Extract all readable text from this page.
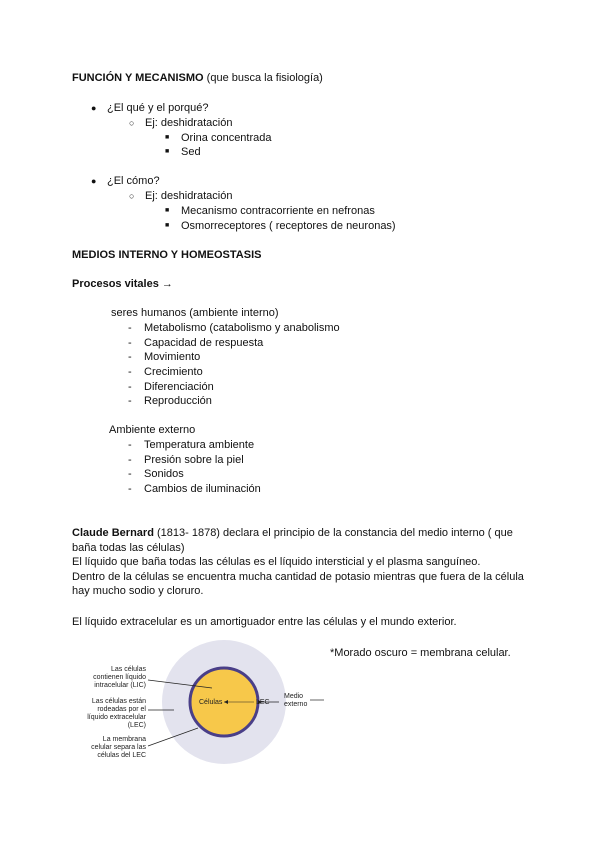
FUNCIÓN Y MECANISMO (que busca la fisiología)
● ¿El qué y el porqué?
○ Ej: deshidratación
■ Orina concentrada
■ Sed
● ¿El cómo?
○ Ej: deshidratación
■ Mecanismo contracorriente en nefronas
■ Osmorreceptores ( receptores de neuronas)
MEDIOS INTERNO Y HOMEOSTASIS
Procesos vitales →
seres humanos (ambiente interno)
- Metabolismo (catabolismo y anabolismo
- Capacidad de respuesta
- Movimiento
- Crecimiento
- Diferenciación
- Reproducción
Ambiente externo
- Temperatura ambiente
- Presión sobre la piel
- Sonidos
- Cambios de iluminación
Claude Bernard (1813- 1878) declara el principio de la constancia del medio interno ( que baña todas las células)
El líquido que baña todas las células es el líquido intersticial y el plasma sanguíneo.
Dentro de la células se encuentra mucha cantidad de potasio mientras que fuera de la célula hay mucho sodio y cloruro.
El líquido extracelular es un amortiguador entre las células y el mundo exterior.
Las células
contienen líquido
intracelular (LIC)
Las células están
rodeadas por el
líquido extracelular
(LEC)
La membrana
celular separa las
células del LEC
Células	LEC
Medio
externo
*Morado oscuro = membrana celular.
